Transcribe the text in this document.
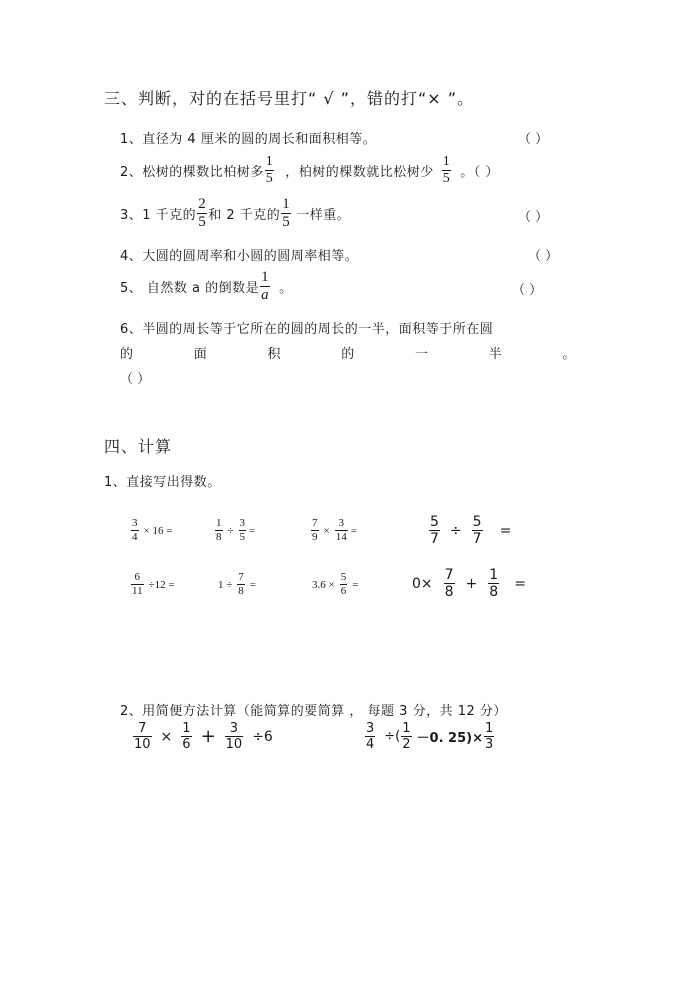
三、判断，对的在括号里打“ √ ”，错的打“× ”。
1、直径为 4 厘米的圆的周长和面积相等。	（ ）
2、松树的棵数比柏树多 $\frac{1}{5}$ ，柏树的棵数就比松树少 $\frac{1}{5}$ 。（ ）
3、1 千克的 $\frac{2}{5}$ 和 2 千克的 $\frac{1}{5}$ 一样重。	（ ）
4、大圆的圆周率和小圆的圆周率相等。	（ ）
5、 自然数 a 的倒数是 $\frac{1}{a}$ 。	（ ）
6、半圆的周长等于它所在的圆的周长的一半，面积等于所在圆
的	面	积	的	一	半	。
（ ）
四、计算
1、直接写出得数。
$\frac{3}{4} \times 16$ =	$\frac{1}{8} \div \frac{3}{5}$ =	$\frac{7}{9} \times \frac{3}{14}$ =	$\frac{5}{7} \div \frac{5}{7}$ =
$\frac{6}{11} \div 12$ =	$1 \div \frac{7}{8}$ =	$3.6 \times \frac{5}{6}$ =	$0\times \frac{7}{8} + \frac{1}{8}$ =
2、用简便方法计算（能简算的要简算 ， 每题 3 分，共 12 分）
$\frac{7}{10} \times \frac{1}{6} + \frac{3}{10} \div 6$	$\frac{3}{4}$ ÷( $\frac{1}{2} -0$. $25)\times \frac{1}{3}$
